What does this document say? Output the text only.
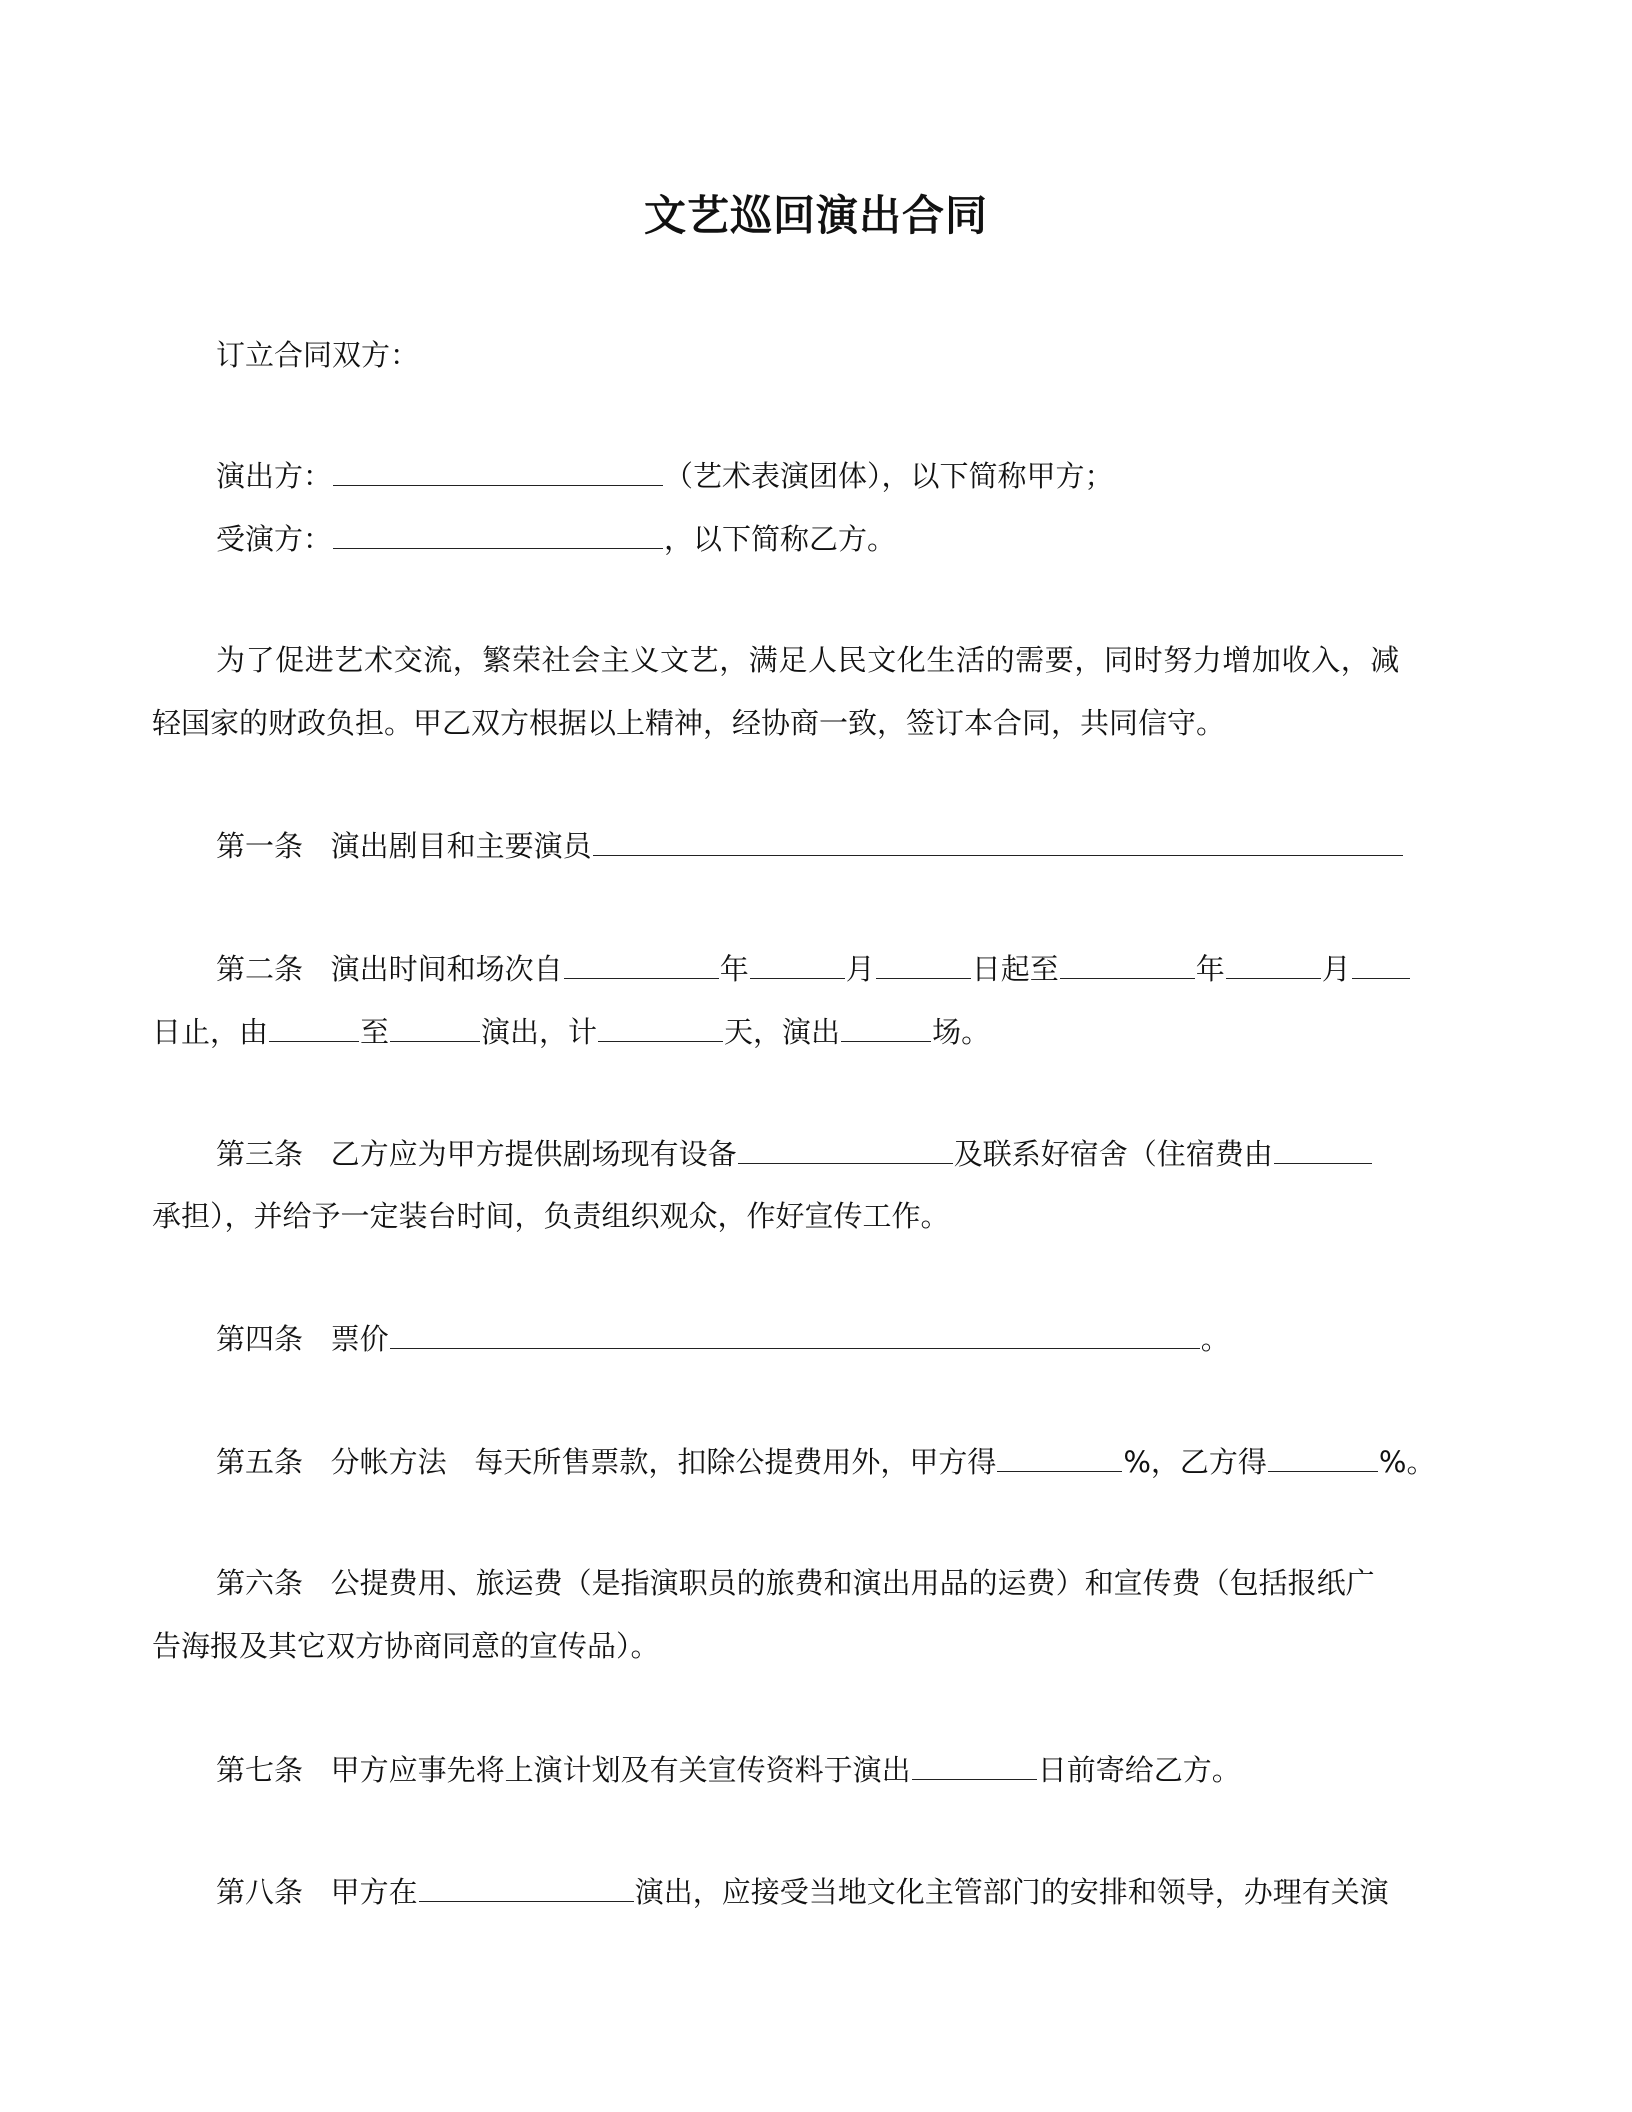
文艺巡回演出合同
订立合同双方：
演出方：	（艺术表演团体），以下简称甲方；
受演方：	，以下简称乙方。
为了促进艺术交流，繁荣社会主义文艺，满足人民文化生活的需要，同时努力增加收入，减
轻国家的财政负担。甲乙双方根据以上精神，经协商一致，签订本合同，共同信守。
第一条 演出剧目和主要演员
第二条 演出时间和场次自	年	月	日起至	年	月
日止，由	至	演出，计	天，演出	场。
第三条 乙方应为甲方提供剧场现有设备	及联系好宿舍（住宿费由
承担），并给予一定装台时间，负责组织观众，作好宣传工作。
第四条 票价	。
第五条 分帐方法 每天所售票款，扣除公提费用外，甲方得	%，乙方得	%。
第六条 公提费用、旅运费（是指演职员的旅费和演出用品的运费）和宣传费（包括报纸广
告海报及其它双方协商同意的宣传品）。
第七条 甲方应事先将上演计划及有关宣传资料于演出	日前寄给乙方。
第八条 甲方在	演出，应接受当地文化主管部门的安排和领导，办理有关演
